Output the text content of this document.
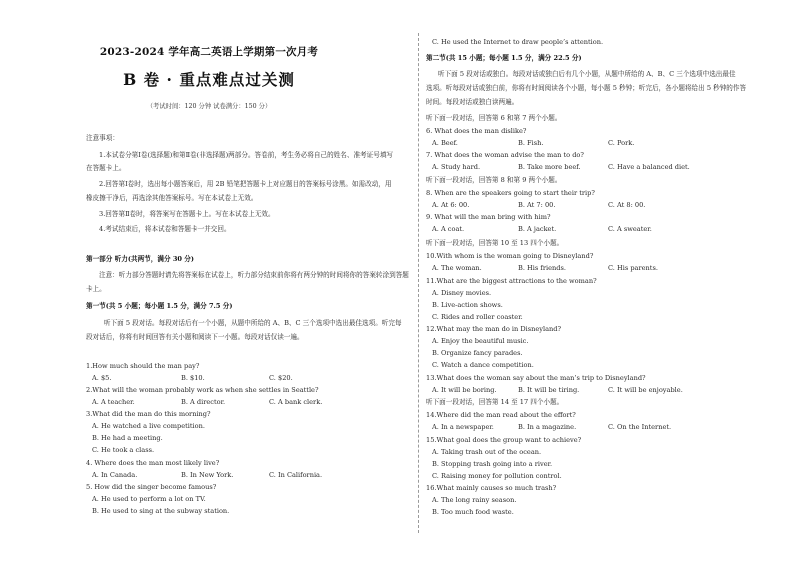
2023-2024 学年高二英语上学期第一次月考
B 卷 · 重点难点过关测
（考试时间：120 分钟 试卷满分：150 分）
注意事项：
1.本试卷分第Ⅰ卷(选择题)和第Ⅱ卷(非选择题)两部分。答卷前，考生务必将自己的姓名、准考证号填写
在答题卡上。
2.回答第Ⅰ卷时，选出每小题答案后，用 2B 铅笔把答题卡上对应题目的答案标号涂黑。如需改动，用
橡皮擦干净后，再选涂其他答案标号。写在本试卷上无效。
3.回答第Ⅱ卷时，将答案写在答题卡上。写在本试卷上无效。
4.考试结束后，将本试卷和答题卡一并交回。
第一部分 听力(共两节，满分 30 分)
注意：听力部分答题时请先将答案标在试卷上，听力部分结束前你将有两分钟的时间将你的答案转涂到答题
卡上。
第一节(共 5 小题；每小题 1.5 分，满分 7.5 分)
听下面 5 段对话。每段对话后有一个小题，从题中所给的 A、B、C 三个选项中选出最佳选项。听完每
段对话后，你将有时间回答有关小题和阅读下一小题。每段对话仅读一遍。
1.How much should the man pay?
A. $5.	B. $10.	C. $20.
2.What will the woman probably work as when she settles in Seattle?
A. A teacher.	B. A director.	C. A bank clerk.
3.What did the man do this morning?
A. He watched a live competition.
B. He had a meeting.
C. He took a class.
4. Where does the man most likely live?
A. In Canada.	B. In New York.	C. In California.
5. How did the singer become famous?
A. He used to perform a lot on TV.
B. He used to sing at the subway station.
C. He used the Internet to draw people’s attention.
第二节(共 15 小题；每小题 1.5 分，满分 22.5 分)
听下面 5 段对话或独白。每段对话或独白后有几个小题，从题中所给的 A、B、C 三个选项中选出最佳
选项。听每段对话或独白前，你将有时间阅读各个小题，每小题 5 秒钟；听完后，各小题将给出 5 秒钟的作答
时间。每段对话或独白读两遍。
听下面一段对话，回答第 6 和第 7 两个小题。
6. What does the man dislike?
A. Beef.	B. Fish.	C. Pork.
7. What does the woman advise the man to do?
A. Study hard.	B. Take more beef.	C. Have a balanced diet.
听下面一段对话，回答第 8 和第 9 两个小题。
8. When are the speakers going to start their trip?
A. At 6: 00.	B. At 7: 00.	C. At 8: 00.
9. What will the man bring with him?
A. A coat.	B. A jacket.	C. A sweater.
听下面一段对话，回答第 10 至 13 四个小题。
10.With whom is the woman going to Disneyland?
A. The woman.	B. His friends.	C. His parents.
11.What are the biggest attractions to the woman?
A. Disney movies.
B. Live-action shows.
C. Rides and roller coaster.
12.What may the man do in Disneyland?
A. Enjoy the beautiful music.
B. Organize fancy parades.
C. Watch a dance competition.
13.What does the woman say about the man’s trip to Disneyland?
A. It will be boring.	B. It will be tiring.	C. It will be enjoyable.
听下面一段对话，回答第 14 至 17 四个小题。
14.Where did the man read about the effort?
A. In a newspaper.	B. In a magazine.	C. On the Internet.
15.What goal does the group want to achieve?
A. Taking trash out of the ocean.
B. Stopping trash going into a river.
C. Raising money for pollution control.
16.What mainly causes so much trash?
A. The long rainy season.
B. Too much food waste.
